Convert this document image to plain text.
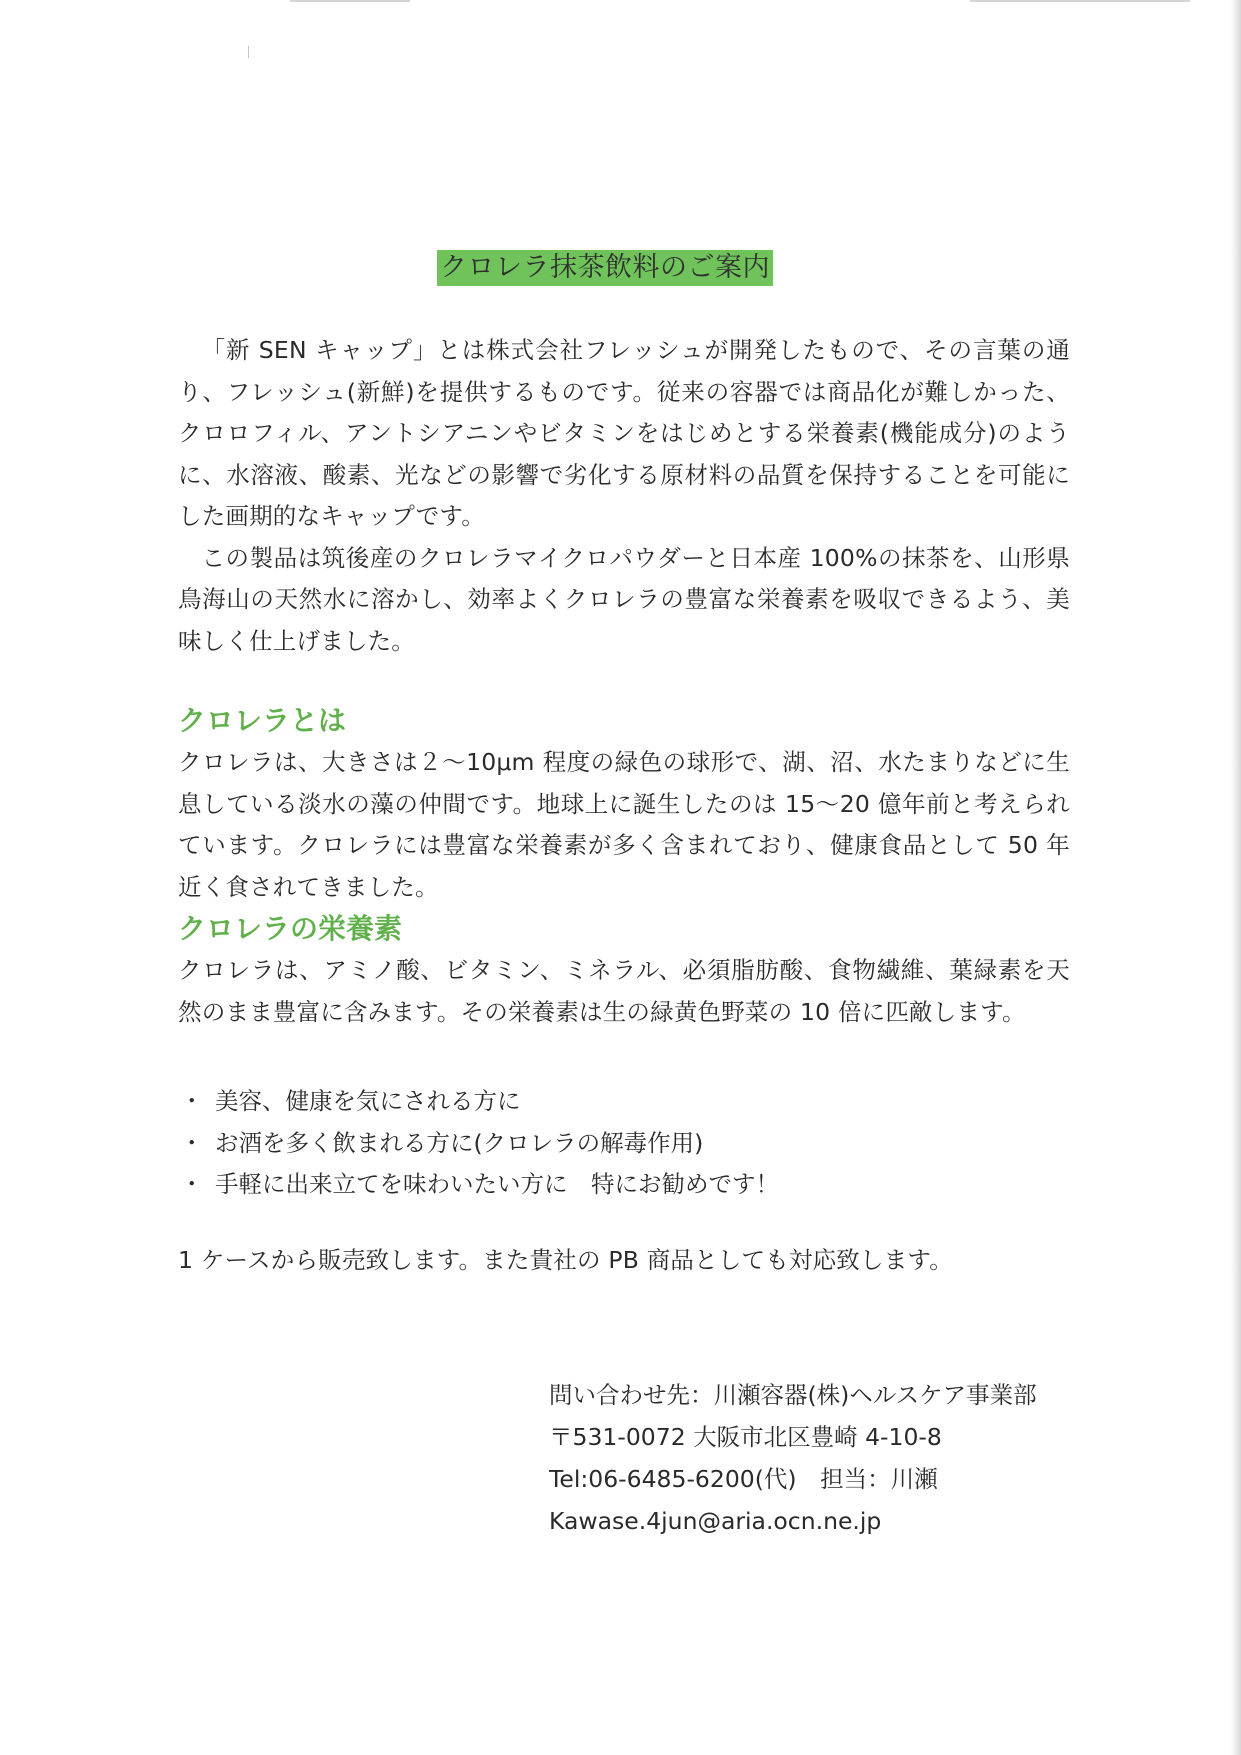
クロレラ抹茶飲料のご案内

「新 SEN キャップ」とは株式会社フレッシュが開発したもので、その言葉の通り、フレッシュ(新鮮)を提供するものです。従来の容器では商品化が難しかった、クロロフィル、アントシアニンやビタミンをはじめとする栄養素(機能成分)のように、水溶液、酸素、光などの影響で劣化する原材料の品質を保持することを可能にした画期的なキャップです。

この製品は筑後産のクロレラマイクロパウダーと日本産 100%の抹茶を、山形県鳥海山の天然水に溶かし、効率よくクロレラの豊富な栄養素を吸収できるよう、美味しく仕上げました。

クロレラとは

クロレラは、大きさは２～10μm 程度の緑色の球形で、湖、沼、水たまりなどに生息している淡水の藻の仲間です。地球上に誕生したのは 15～20 億年前と考えられています。クロレラには豊富な栄養素が多く含まれており、健康食品として 50 年近く食されてきました。

クロレラの栄養素

クロレラは、アミノ酸、ビタミン、ミネラル、必須脂肪酸、食物繊維、葉緑素を天然のまま豊富に含みます。その栄養素は生の緑黄色野菜の 10 倍に匹敵します。

・ 美容、健康を気にされる方に
・ お酒を多く飲まれる方に(クロレラの解毒作用)
・ 手軽に出来立てを味わいたい方に　特にお勧めです！

1 ケースから販売致します。また貴社の PB 商品としても対応致します。

問い合わせ先：川瀬容器(株)ヘルスケア事業部
〒531-0072 大阪市北区豊崎 4-10-8
Tel:06-6485-6200(代)　担当：川瀬
Kawase.4jun@aria.ocn.ne.jp
